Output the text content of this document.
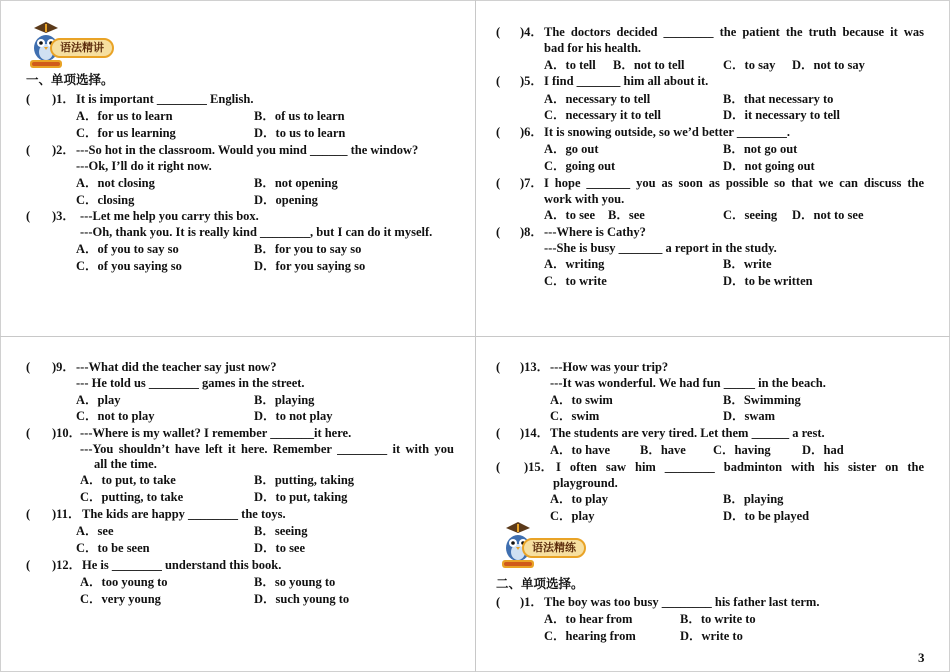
语法精讲
一、单项选择。
( )1． It is important ________ English.
A．for us to learn	B．of us to learn
C．for us learning	D．to us to learn
( )2． ---So hot in the classroom. Would you mind ______ the window?
---Ok, I’ll do it right now.
A．not closing	B．not opening
C．closing	D．opening
( )3． ---Let me help you carry this box.
---Oh, thank you. It is really kind ________, but I can do it myself.
A．of you to say so	B．for you to say so
C．of you saying so	D．for you saying so
( )4． The doctors decided ________ the patient the truth because it was
bad for his health.
A．to tell B．not to tell	C．to say D．not to say
( )5． I find _______ him all about it.
A．necessary to tell	B．that necessary to
C．necessary it to tell	D．it necessary to tell
( )6． It is snowing outside, so we’d better ________.
A．go out	B．not go out
C．going out	D．not going out
( )7． I hope _______ you as soon as possible so that we can discuss the
work with you.
A．to see B．see	C．seeing D．not to see
( )8． ---Where is Cathy?
---She is busy _______ a report in the study.
A．writing	B．write
C．to write	D．to be written
( )9． ---What did the teacher say just now?
--- He told us ________ games in the street.
A．play	B．playing
C．not to play	D．to not play
( )10．
---Where is my wallet? I remember _______it here.
---You shouldn’t have left it here. Remember ________ it with you
all the time.
A．to put, to take	B．putting, taking
C．putting, to take	D．to put, taking
( )11． The kids are happy ________ the toys.
A．see	B．seeing
C．to be seen	D．to see
( )12． He is ________ understand this book.
A．too young to	B．so young to
C．very young	D．such young to
( )13． ---How was your trip?
---It was wonderful. We had fun _____ in the beach.
A．to swim	B．Swimming
C．swim	D．swam
( )14． The students are very tired. Let them ______ a rest.
A．to have B．have C．having	D．had
( )15． I often saw him ________ badminton with his sister on the
playground.
A．to play	B．playing
C．play	D．to be played
语法精练
二、单项选择。
( )1． The boy was too busy ________ his father last term.
A．to hear from	B．to write to
C．hearing from	D．write to
3
